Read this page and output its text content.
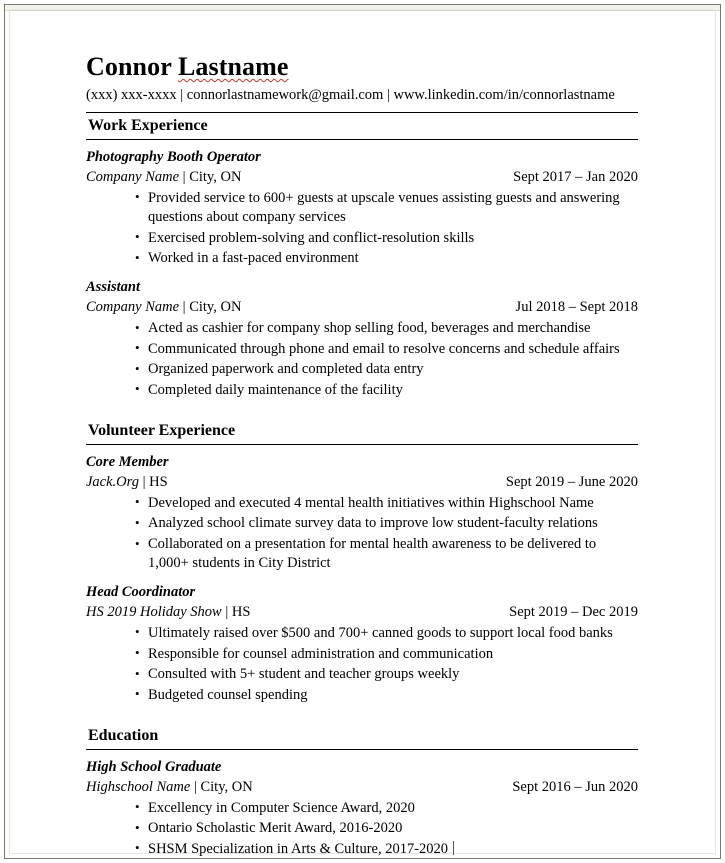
Connor Lastname
(xxx) xxx-xxxx | connorlastnamework@gmail.com | www.linkedin.com/in/connorlastname
Work Experience
Photography Booth Operator
Company Name | City, ON	Sept 2017 – Jan 2020
• Provided service to 600+ guests at upscale venues assisting guests and answering questions about company services
• Exercised problem-solving and conflict-resolution skills
• Worked in a fast-paced environment
Assistant
Company Name | City, ON	Jul 2018 – Sept 2018
• Acted as cashier for company shop selling food, beverages and merchandise
• Communicated through phone and email to resolve concerns and schedule affairs
• Organized paperwork and completed data entry
• Completed daily maintenance of the facility
Volunteer Experience
Core Member
Jack.Org | HS	Sept 2019 – June 2020
• Developed and executed 4 mental health initiatives within Highschool Name
• Analyzed school climate survey data to improve low student-faculty relations
• Collaborated on a presentation for mental health awareness to be delivered to 1,000+ students in City District
Head Coordinator
HS 2019 Holiday Show | HS	Sept 2019 – Dec 2019
• Ultimately raised over $500 and 700+ canned goods to support local food banks
• Responsible for counsel administration and communication
• Consulted with 5+ student and teacher groups weekly
• Budgeted counsel spending
Education
High School Graduate
Highschool Name | City, ON	Sept 2016 – Jun 2020
• Excellency in Computer Science Award, 2020
• Ontario Scholastic Merit Award, 2016-2020
• SHSM Specialization in Arts & Culture, 2017-2020
